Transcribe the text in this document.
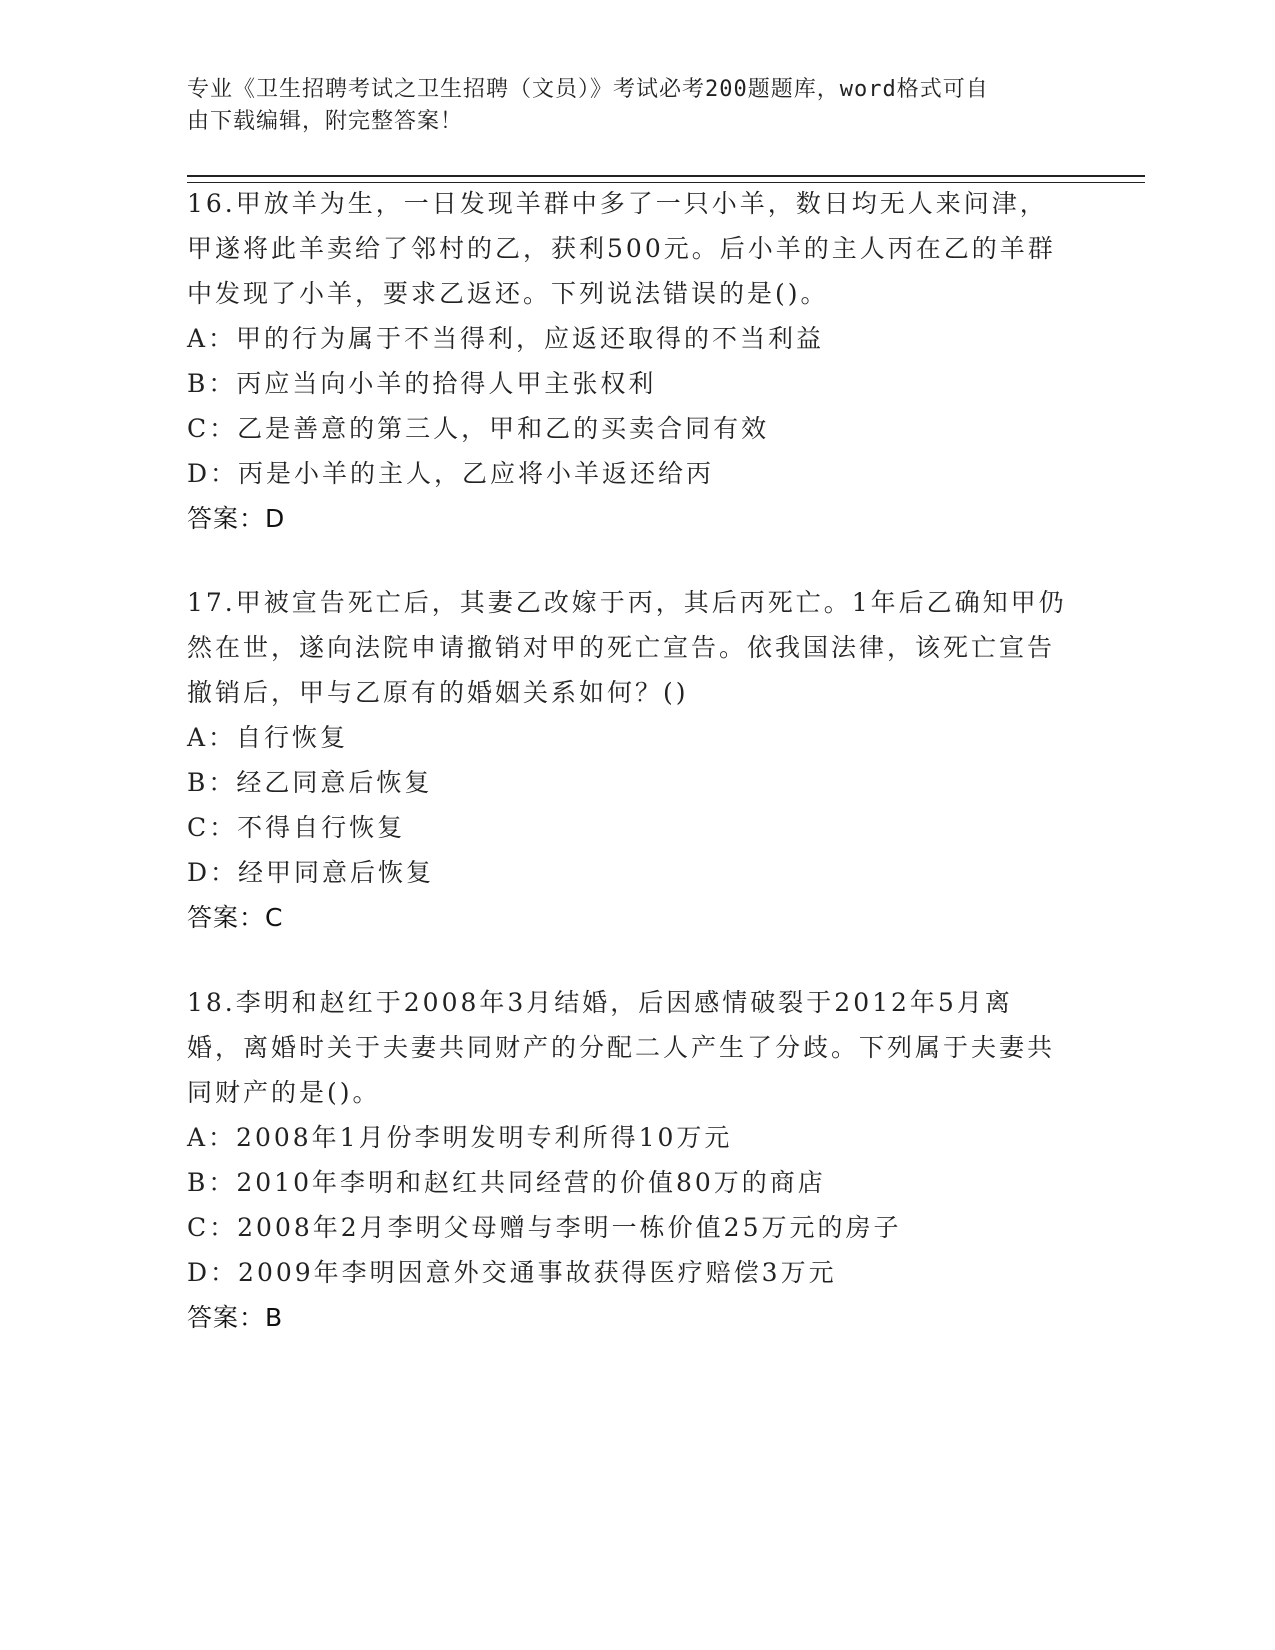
专业《卫生招聘考试之卫生招聘（文员）》考试必考200题题库，word格式可自
由下载编辑，附完整答案！

16.甲放羊为生，一日发现羊群中多了一只小羊，数日均无人来问津，甲遂将此羊卖给了邻村的乙，获利500元。后小羊的主人丙在乙的羊群中发现了小羊，要求乙返还。下列说法错误的是()。

A：甲的行为属于不当得利，应返还取得的不当利益

B：丙应当向小羊的拾得人甲主张权利

C：乙是善意的第三人，甲和乙的买卖合同有效

D：丙是小羊的主人，乙应将小羊返还给丙

答案：D

17.甲被宣告死亡后，其妻乙改嫁于丙，其后丙死亡。1年后乙确知甲仍然在世，遂向法院申请撤销对甲的死亡宣告。依我国法律，该死亡宣告撤销后，甲与乙原有的婚姻关系如何？()

A：自行恢复

B：经乙同意后恢复

C：不得自行恢复

D：经甲同意后恢复

答案：C

18.李明和赵红于2008年3月结婚，后因感情破裂于2012年5月离婚，离婚时关于夫妻共同财产的分配二人产生了分歧。下列属于夫妻共同财产的是()。

A：2008年1月份李明发明专利所得10万元

B：2010年李明和赵红共同经营的价值80万的商店

C：2008年2月李明父母赠与李明一栋价值25万元的房子

D：2009年李明因意外交通事故获得医疗赔偿3万元

答案：B
